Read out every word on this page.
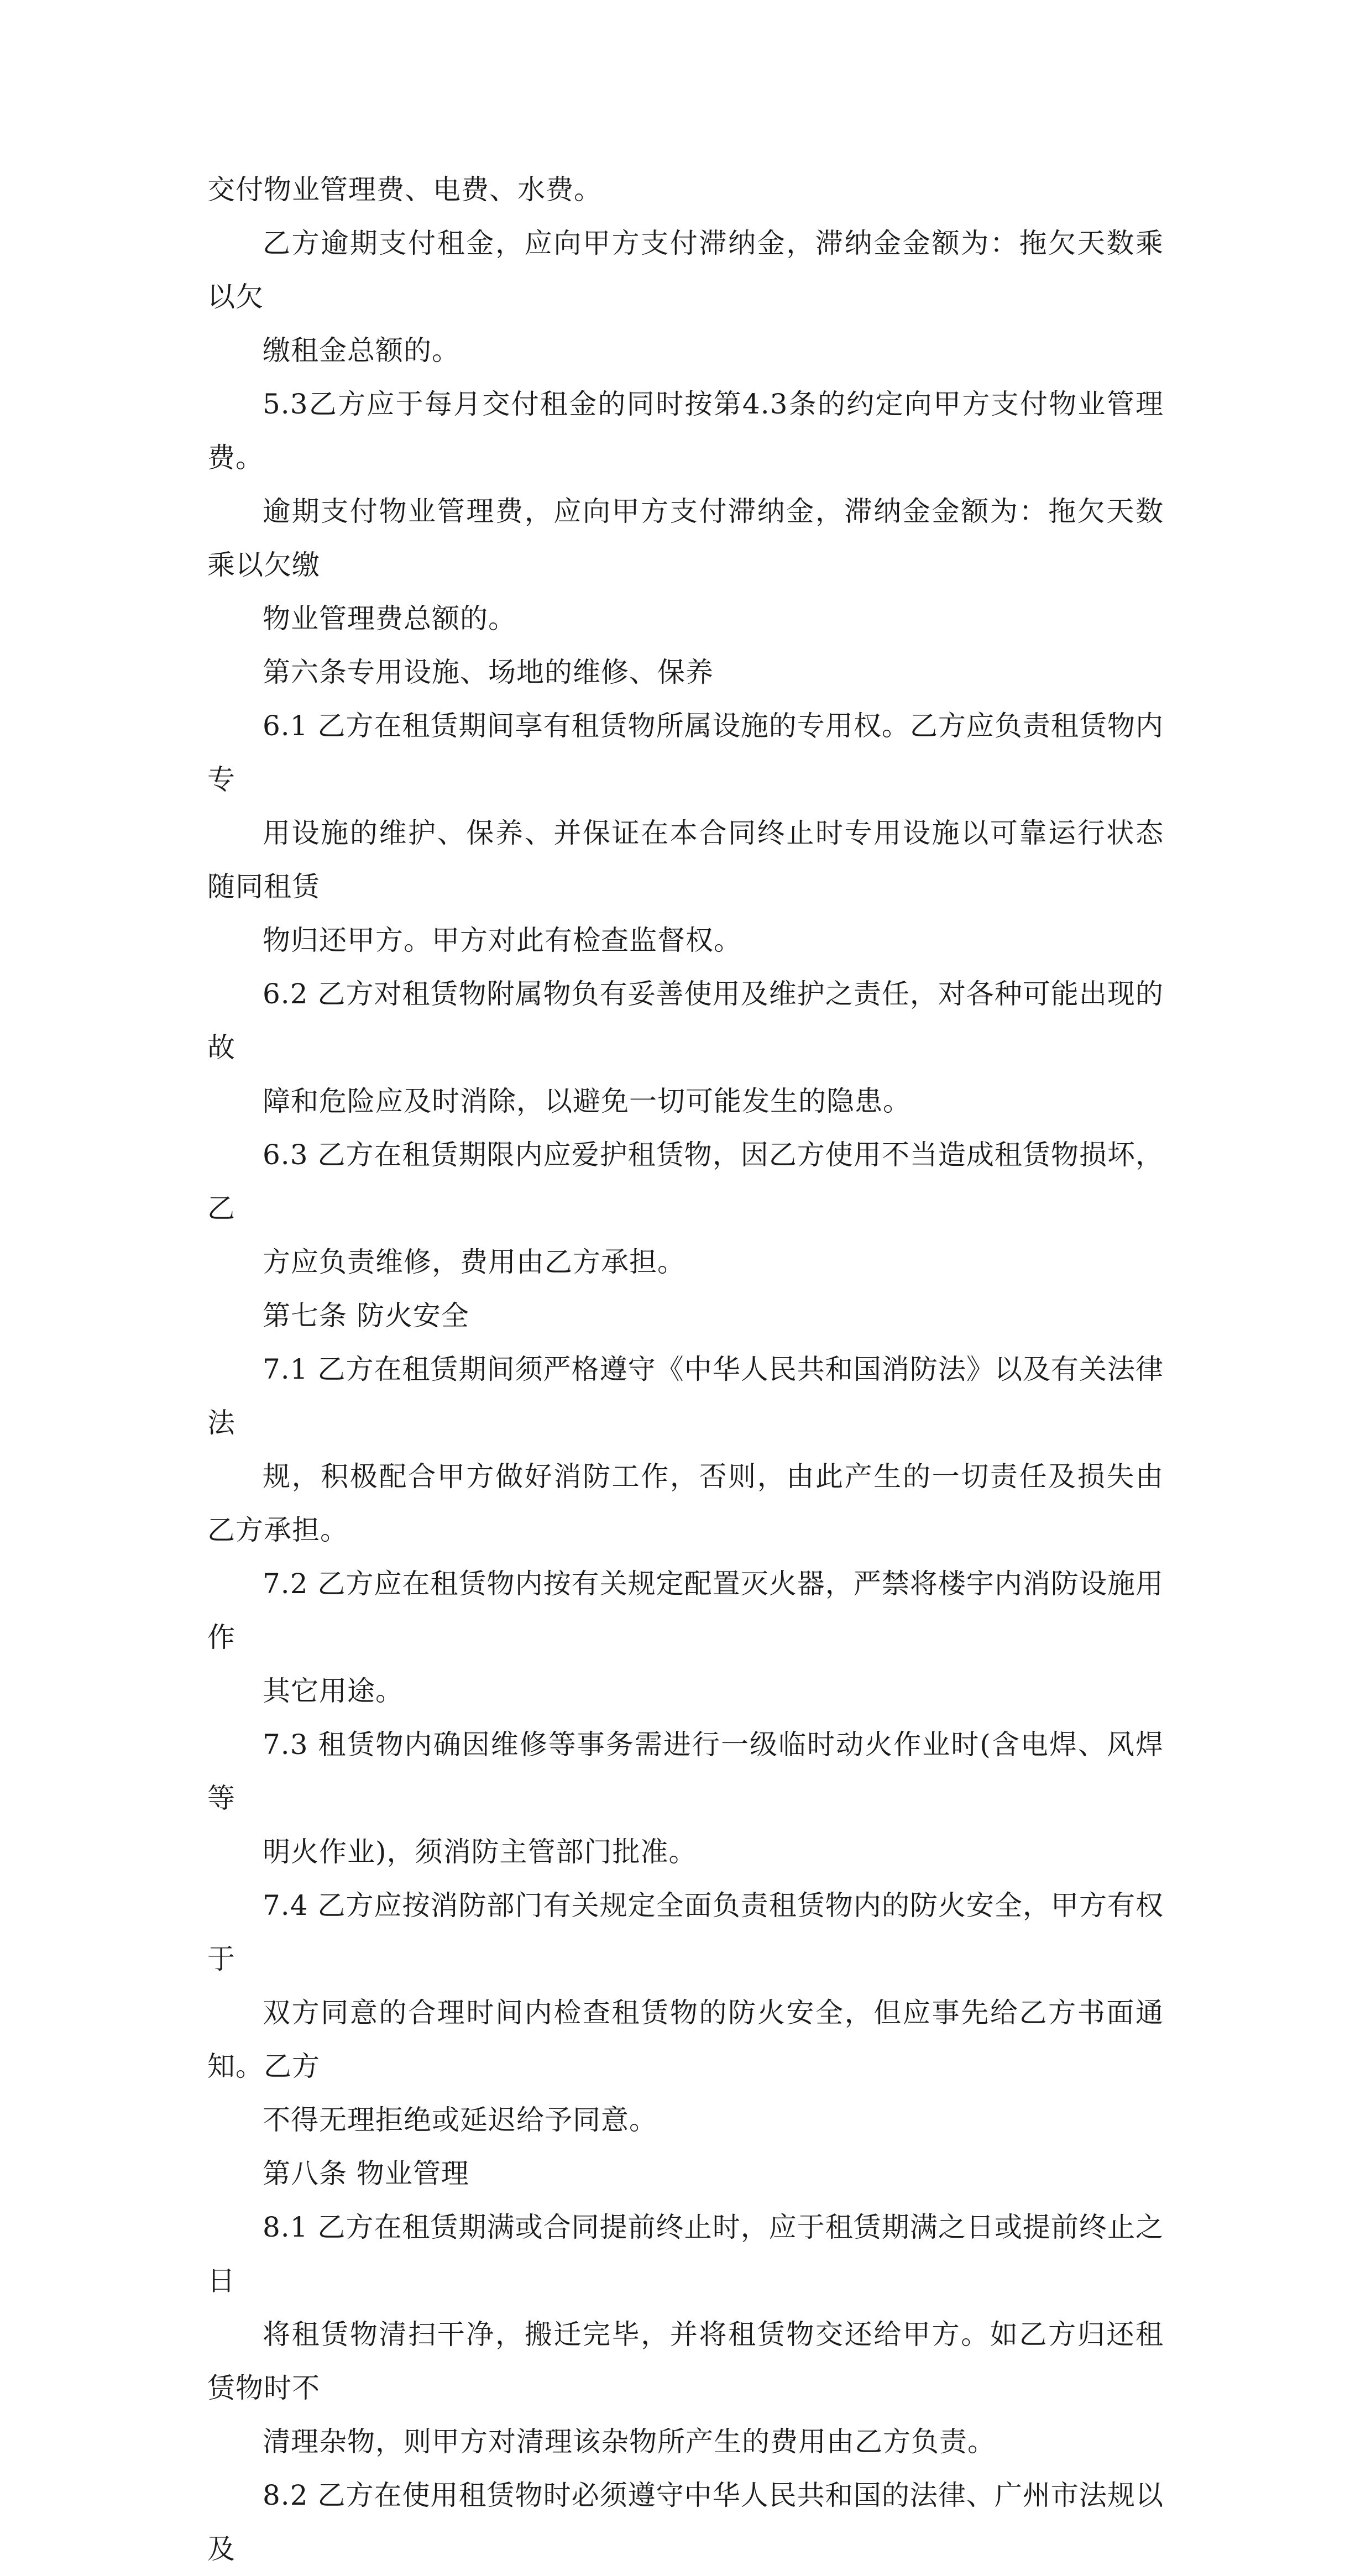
交付物业管理费、电费、水费。

乙方逾期支付租金，应向甲方支付滞纳金，滞纳金金额为：拖欠天数乘以欠
缴租金总额的。

5.3乙方应于每月交付租金的同时按第4.3条的约定向甲方支付物业管理费。
逾期支付物业管理费，应向甲方支付滞纳金，滞纳金金额为：拖欠天数乘以欠缴
物业管理费总额的。

第六条专用设施、场地的维修、保养

6.1 乙方在租赁期间享有租赁物所属设施的专用权。乙方应负责租赁物内专
用设施的维护、保养、并保证在本合同终止时专用设施以可靠运行状态随同租赁
物归还甲方。甲方对此有检查监督权。

6.2 乙方对租赁物附属物负有妥善使用及维护之责任，对各种可能出现的故
障和危险应及时消除，以避免一切可能发生的隐患。

6.3 乙方在租赁期限内应爱护租赁物，因乙方使用不当造成租赁物损坏，乙
方应负责维修，费用由乙方承担。

第七条 防火安全

7.1 乙方在租赁期间须严格遵守《中华人民共和国消防法》以及有关法律法
规，积极配合甲方做好消防工作，否则，由此产生的一切责任及损失由乙方承担。

7.2 乙方应在租赁物内按有关规定配置灭火器，严禁将楼宇内消防设施用作
其它用途。

7.3 租赁物内确因维修等事务需进行一级临时动火作业时(含电焊、风焊等
明火作业)，须消防主管部门批准。

7.4 乙方应按消防部门有关规定全面负责租赁物内的防火安全，甲方有权于
双方同意的合理时间内检查租赁物的防火安全，但应事先给乙方书面通知。乙方
不得无理拒绝或延迟给予同意。

第八条 物业管理

8.1 乙方在租赁期满或合同提前终止时，应于租赁期满之日或提前终止之日
将租赁物清扫干净，搬迁完毕，并将租赁物交还给甲方。如乙方归还租赁物时不
清理杂物，则甲方对清理该杂物所产生的费用由乙方负责。

8.2 乙方在使用租赁物时必须遵守中华人民共和国的法律、广州市法规以及
